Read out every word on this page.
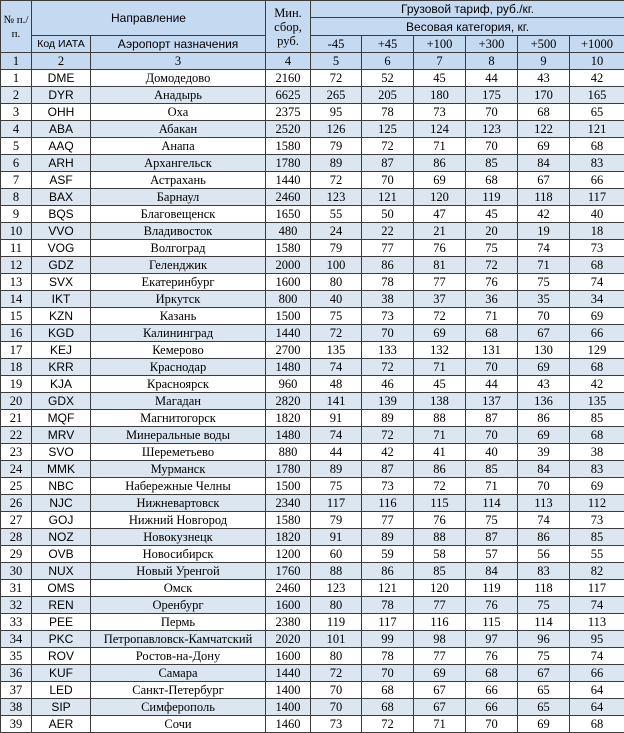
№ п./п.	Направление		Мин. сбор, руб.	Грузовой тариф, руб./кг.					
				Весовая категория, кг.					
	Код ИАТА	Аэропорт назначения		-45	+45	+100	+300	+500	+1000
1	2	3	4	5	6	7	8	9	10
1	DME	Домодедово	2160	72	52	45	44	43	42
2	DYR	Анадырь	6625	265	205	180	175	170	165
3	OHH	Оха	2375	95	78	73	70	68	65
4	ABA	Абакан	2520	126	125	124	123	122	121
5	AAQ	Анапа	1580	79	72	71	70	69	68
6	ARH	Архангельск	1780	89	87	86	85	84	83
7	ASF	Астрахань	1440	72	70	69	68	67	66
8	BAX	Барнаул	2460	123	121	120	119	118	117
9	BQS	Благовещенск	1650	55	50	47	45	42	40
10	VVO	Владивосток	480	24	22	21	20	19	18
11	VOG	Волгоград	1580	79	77	76	75	74	73
12	GDZ	Геленджик	2000	100	86	81	72	71	68
13	SVX	Екатеринбург	1600	80	78	77	76	75	74
14	IKT	Иркутск	800	40	38	37	36	35	34
15	KZN	Казань	1500	75	73	72	71	70	69
16	KGD	Калининград	1440	72	70	69	68	67	66
17	KEJ	Кемерово	2700	135	133	132	131	130	129
18	KRR	Краснодар	1480	74	72	71	70	69	68
19	KJA	Красноярск	960	48	46	45	44	43	42
20	GDX	Магадан	2820	141	139	138	137	136	135
21	MQF	Магнитогорск	1820	91	89	88	87	86	85
22	MRV	Минеральные воды	1480	74	72	71	70	69	68
23	SVO	Шереметьево	880	44	42	41	40	39	38
24	MMK	Мурманск	1780	89	87	86	85	84	83
25	NBC	Набережные Челны	1500	75	73	72	71	70	69
26	NJC	Нижневартовск	2340	117	116	115	114	113	112
27	GOJ	Нижний Новгород	1580	79	77	76	75	74	73
28	NOZ	Новокузнецк	1820	91	89	88	87	86	85
29	OVB	Новосибирск	1200	60	59	58	57	56	55
30	NUX	Новый Уренгой	1760	88	86	85	84	83	82
31	OMS	Омск	2460	123	121	120	119	118	117
32	REN	Оренбург	1600	80	78	77	76	75	74
33	PEE	Пермь	2380	119	117	116	115	114	113
34	PKC	Петропавловск-Камчатский	2020	101	99	98	97	96	95
35	ROV	Ростов-на-Дону	1600	80	78	77	76	75	74
36	KUF	Самара	1440	72	70	69	68	67	66
37	LED	Санкт-Петербург	1400	70	68	67	66	65	64
38	SIP	Симферополь	1400	70	68	67	66	65	64
39	AER	Сочи	1460	73	72	71	70	69	68
